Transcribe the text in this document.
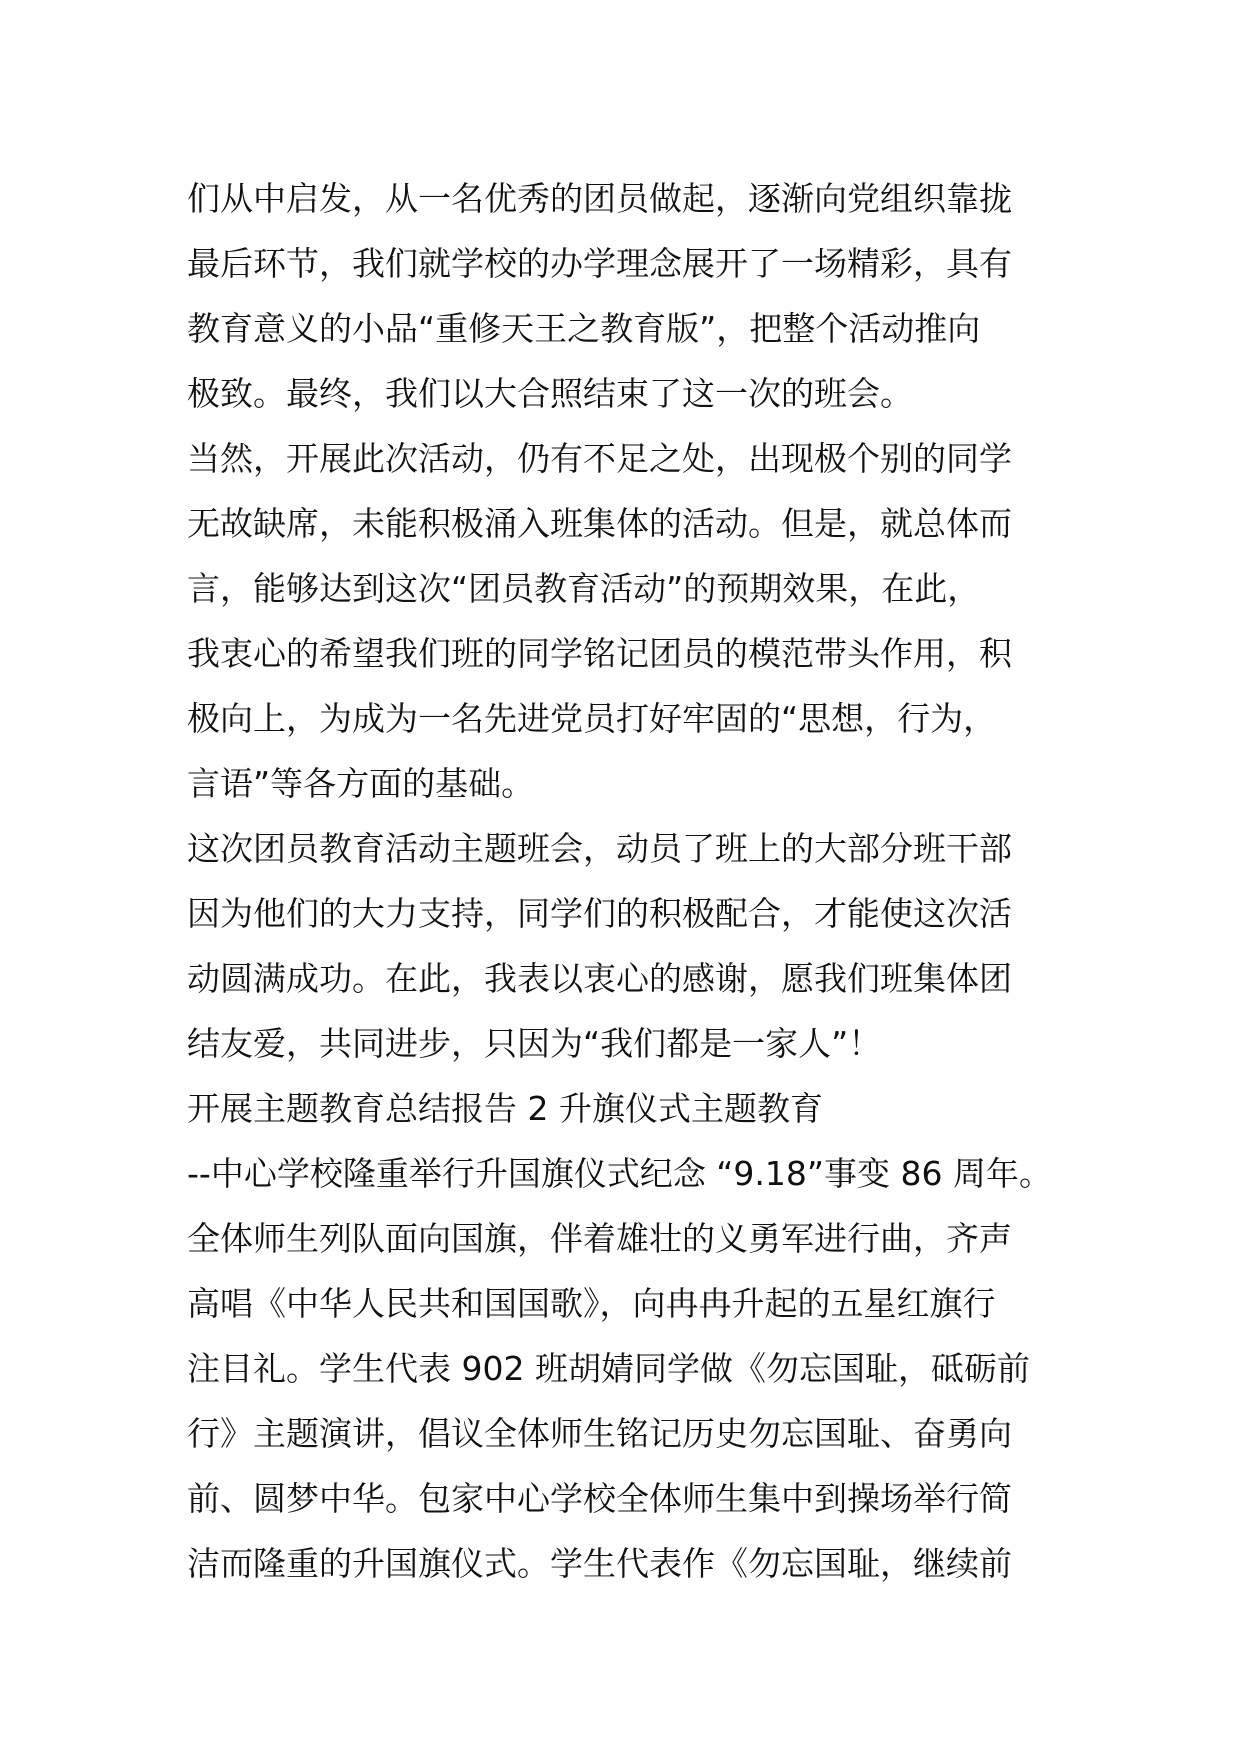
们从中启发，从一名优秀的团员做起，逐渐向党组织靠拢
最后环节，我们就学校的办学理念展开了一场精彩，具有
教育意义的小品“重修天王之教育版”，把整个活动推向
极致。最终，我们以大合照结束了这一次的班会。
当然，开展此次活动，仍有不足之处，出现极个别的同学
无故缺席，未能积极涌入班集体的活动。但是，就总体而
言，能够达到这次“团员教育活动”的预期效果，在此，
我衷心的希望我们班的同学铭记团员的模范带头作用，积
极向上，为成为一名先进党员打好牢固的“思想，行为，
言语”等各方面的基础。
这次团员教育活动主题班会，动员了班上的大部分班干部
因为他们的大力支持，同学们的积极配合，才能使这次活
动圆满成功。在此，我表以衷心的感谢，愿我们班集体团
结友爱，共同进步，只因为“我们都是一家人”！
开展主题教育总结报告 2 升旗仪式主题教育
--中心学校隆重举行升国旗仪式纪念 “9.18”事变 86 周年。
全体师生列队面向国旗，伴着雄壮的义勇军进行曲，齐声
高唱《中华人民共和国国歌》，向冉冉升起的五星红旗行
注目礼。学生代表 902 班胡婧同学做《勿忘国耻，砥砺前
行》主题演讲，倡议全体师生铭记历史勿忘国耻、奋勇向
前、圆梦中华。包家中心学校全体师生集中到操场举行简
洁而隆重的升国旗仪式。学生代表作《勿忘国耻，继续前
